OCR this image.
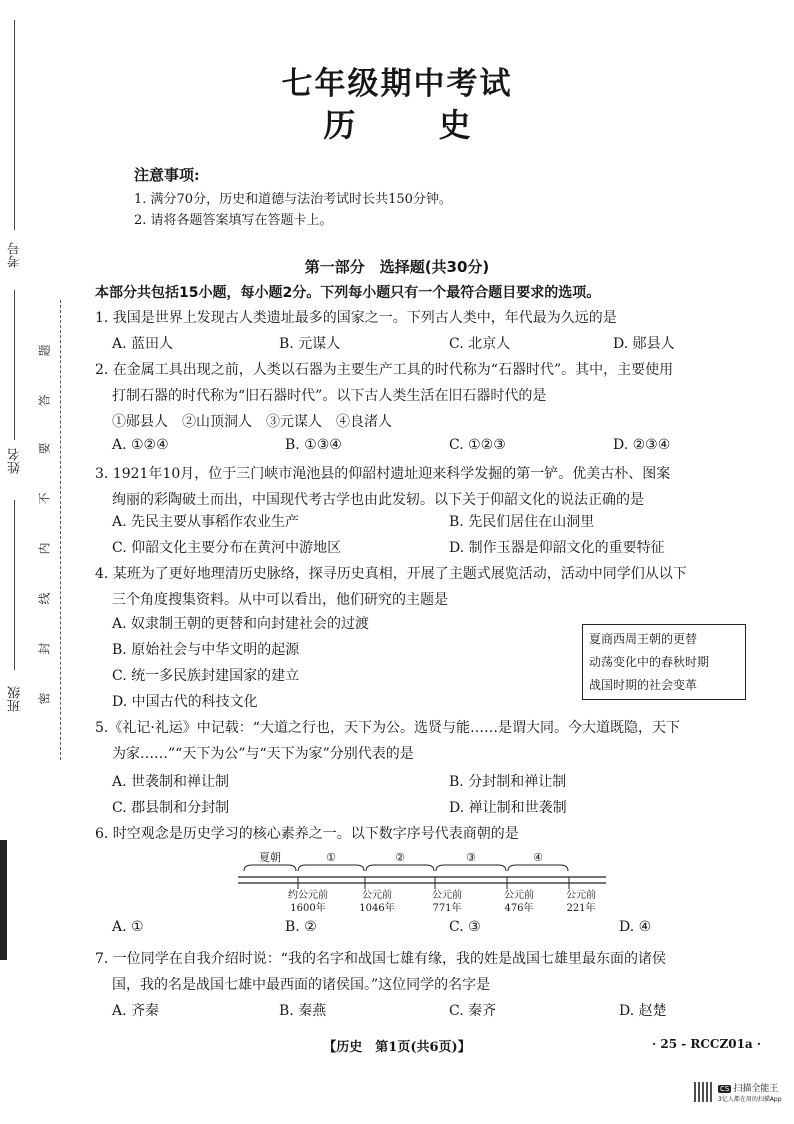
考号
姓名
班级
题
答
要
不
内
线
封
密
七年级期中考试
历	史
注意事项:
1. 满分70分，历史和道德与法治考试时长共150分钟。
2. 请将各题答案填写在答题卡上。
第一部分　选择题(共30分)
本部分共包括15小题，每小题2分。下列每小题只有一个最符合题目要求的选项。
1. 我国是世界上发现古人类遗址最多的国家之一。下列古人类中，年代最为久远的是
A. 蓝田人	B. 元谋人	C. 北京人	D. 郧县人
2. 在金属工具出现之前，人类以石器为主要生产工具的时代称为“石器时代”。其中，主要使用
打制石器的时代称为“旧石器时代”。以下古人类生活在旧石器时代的是
①郧县人　②山顶洞人　③元谋人　④良渚人
A. ①②④	B. ①③④	C. ①②③	D. ②③④
3. 1921年10月，位于三门峡市渑池县的仰韶村遗址迎来科学发掘的第一铲。优美古朴、图案
绚丽的彩陶破土而出，中国现代考古学也由此发轫。以下关于仰韶文化的说法正确的是
A. 先民主要从事稻作农业生产	B. 先民们居住在山洞里
C. 仰韶文化主要分布在黄河中游地区	D. 制作玉器是仰韶文化的重要特征
4. 某班为了更好地理清历史脉络，探寻历史真相，开展了主题式展览活动，活动中同学们从以下
三个角度搜集资料。从中可以看出，他们研究的主题是
A. 奴隶制王朝的更替和向封建社会的过渡
B. 原始社会与中华文明的起源
C. 统一多民族封建国家的建立
D. 中国古代的科技文化
夏商西周王朝的更替
动荡变化中的春秋时期
战国时期的社会变革
5.《礼记·礼运》中记载：“大道之行也，天下为公。选贤与能……是谓大同。今大道既隐，天下
为家……”“天下为公”与“天下为家”分别代表的是
A. 世袭制和禅让制	B. 分封制和禅让制
C. 郡县制和分封制	D. 禅让制和世袭制
6. 时空观念是历史学习的核心素养之一。以下数字序号代表商朝的是
夏朝	①	②	③	④
约公元前
1600年
公元前
1046年
公元前
771年
公元前
476年
公元前
221年
A. ①	B. ②	C. ③	D. ④
7. 一位同学在自我介绍时说：“我的名字和战国七雄有缘，我的姓是战国七雄里最东面的诸侯
国，我的名是战国七雄中最西面的诸侯国。”这位同学的名字是
A. 齐秦	B. 秦燕	C. 秦齐	D. 赵楚
【历史　第1页(共6页)】	· 25 - RCCZ01a ·
CS 扫描全能王
3亿人都在用的扫描App
